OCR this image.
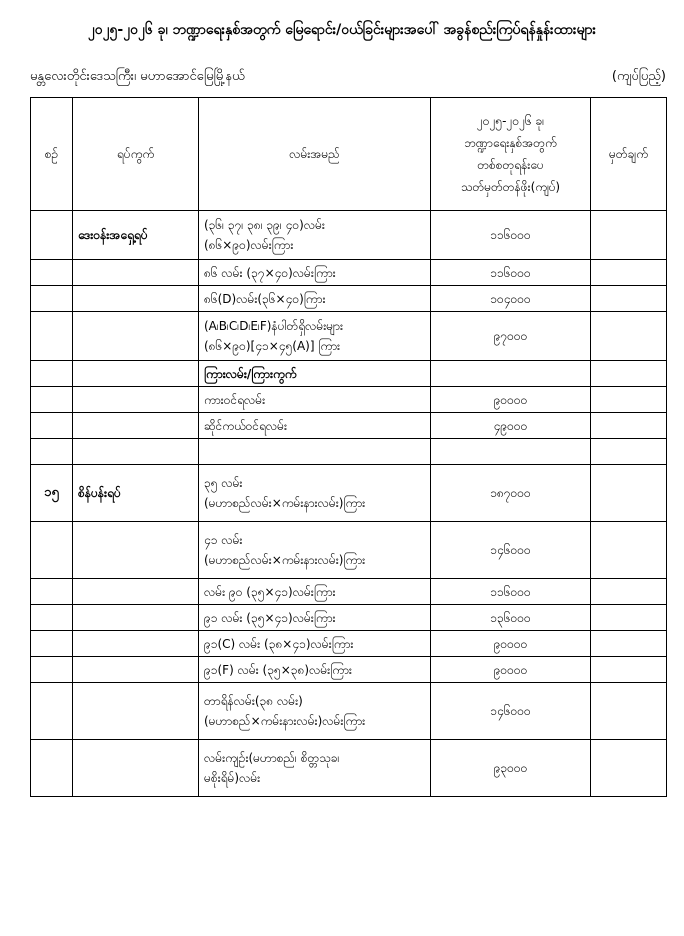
၂၀၂၅-၂၀၂၆ ခု၊ ဘဏ္ဍာရေးနှစ်အတွက် မြေရောင်း/ဝယ်ခြင်းများအပေါ် အခွန်စည်းကြပ်ရန်နှုန်းထားများ
မန္တလေးတိုင်းဒေသကြီး၊ မဟာအောင်မြေမြို့နယ်	(ကျပ်ပြည့်)
စဉ်	ရပ်ကွက်	လမ်းအမည်	၂၀၂၅-၂၀၂၆ ခု၊
ဘဏ္ဍာရေးနှစ်အတွက်
တစ်စတုရန်းပေ
သတ်မှတ်တန်ဖိုး(ကျပ်)	မှတ်ချက်
	ဒေးဝန်းအရှေ့ရပ်	(၃၆၊ ၃၇၊ ၃၈၊ ၃၉၊ ၄၀)လမ်း
(၈၆×၉၀)လမ်းကြား	၁၁၆၀၀၀	

		၈၆ လမ်း (၃၇×၄၀)လမ်းကြား	၁၁၆၀၀၀	

		၈၆(D)လမ်း(၃၆×၄၀)ကြား	၁၀၄၀၀၀	

		(A၊B၊C၊D၊E၊F)နံပါတ်ရှိလမ်းများ
(၈၆×၉၀)[၄၁×၄၅(A)] ကြား	၉၇၀၀၀	

		ကြားလမ်း/ကြားကွက်		

		ကားဝင်ရလမ်း	၉၀၀၀၀	

		ဆိုင်ကယ်ဝင်ရလမ်း	၄၉၀၀၀	

၁၅	စိန်ပန်းရပ်	၃၅ လမ်း
(မဟာစည်လမ်း×ကမ်းနားလမ်း)ကြား	၁၈၇၀၀၀	

		၄၁ လမ်း
(မဟာစည်လမ်း×ကမ်းနားလမ်း)ကြား	၁၄၆၀၀၀	

		လမ်း ၉၀ (၃၅×၄၁)လမ်းကြား	၁၁၆၀၀၀	

		၉၁ လမ်း (၃၅×၄၁)လမ်းကြား	၁၃၆၀၀၀	

		၉၁(C) လမ်း (၃၈×၄၁)လမ်းကြား	၉၀၀၀၀	

		၉၁(F) လမ်း (၃၅×၃၈)လမ်းကြား	၉၀၀၀၀	

		တာရိန်လမ်း(၃၈ လမ်း)
(မဟာစည်×ကမ်းနားလမ်း)လမ်းကြား	၁၄၆၀၀၀	

		လမ်းကျဉ်း(မဟာစည်၊ စိတ္တသုခ၊
မစိုးရိမ်)လမ်း	၉၃၀၀၀	
